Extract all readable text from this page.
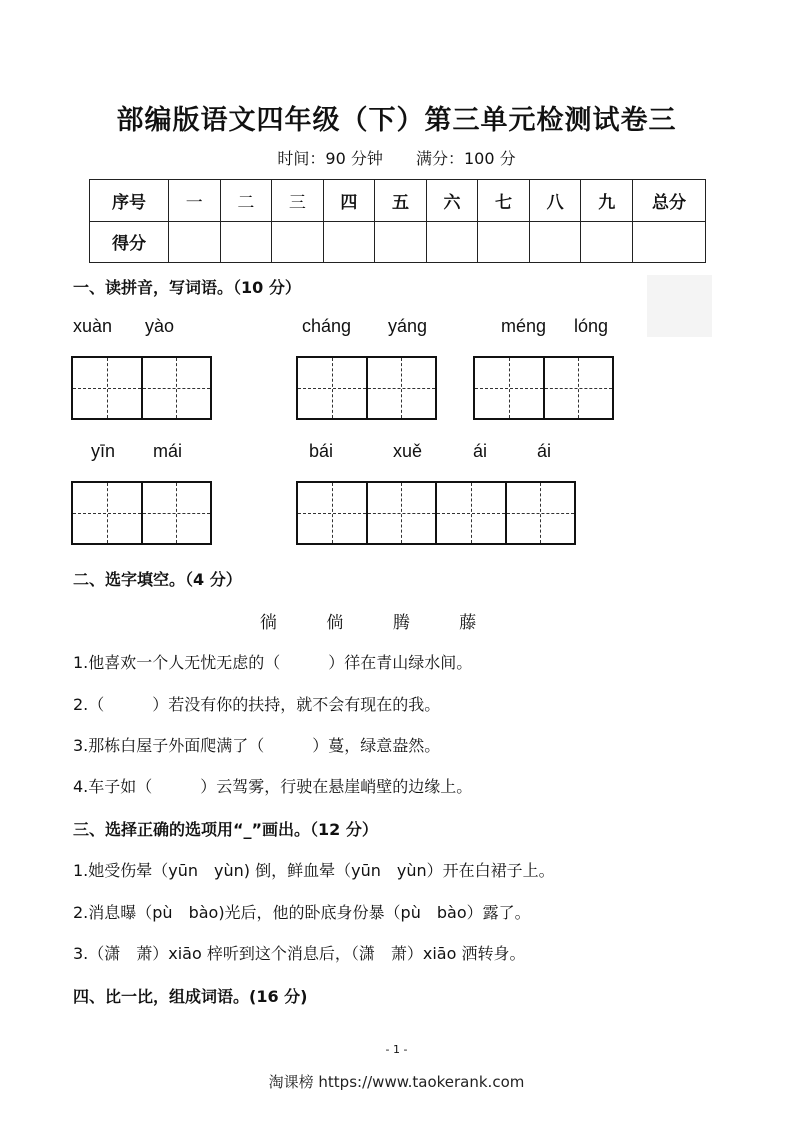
部编版语文四年级（下）第三单元检测试卷三
时间：90 分钟 满分：100 分
序号	一	二	三	四	五	六	七	八	九	总分
得分										
一、读拼音，写词语。（10 分）
xuàn yào	cháng yáng	méng lóng
yīn mái	bái	xuě	ái	ái
二、选字填空。（4 分）
徜	倘	腾	藤
1.他喜欢一个人无忧无虑的（　　　）徉在青山绿水间。
2.（　　　）若没有你的扶持，就不会有现在的我。
3.那栋白屋子外面爬满了（　　　）蔓，绿意盎然。
4.车子如（　　　）云驾雾，行驶在悬崖峭壁的边缘上。
三、选择正确的选项用“_”画出。（12 分）
1.她受伤晕（yūn　yùn) 倒，鲜血晕（yūn　yùn）开在白裙子上。
2.消息曝（pù　bào)光后，他的卧底身份暴（pù　bào）露了。
3.（潇　萧）xiāo 梓听到这个消息后，（潇　萧）xiāo 洒转身。
四、比一比，组成词语。(16 分)
- 1 -
淘课榜 https://www.taokerank.com
